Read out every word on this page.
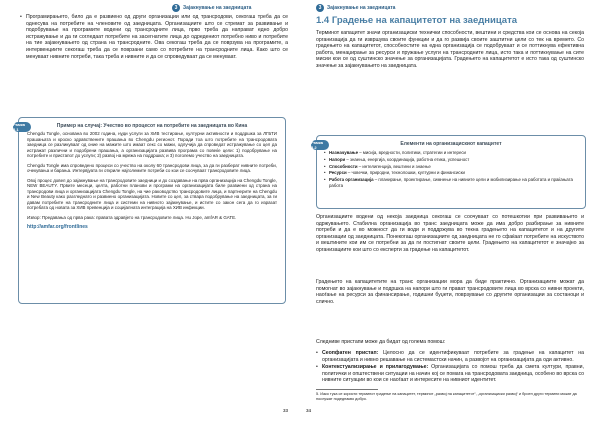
3	Зајакнување на заедницата
• Програмирањето, било да е развиено од други организации или од трансродови, секогаш треба да се однесува на потребите на членовите од заедницата. Организациите што се стремат за развивање и подобрување на програмите водени од трансродните лица, прво треба да направат едно добро истражување и да ги согледаат потребите на засегнатите лица до одредениот потребно ниво и потребите на тие зајакнувањето од страна на трансродните. Ова секогаш треба да се поврзува на програмите, а интервенциите секогаш треба да се поврзани само со потребите на трансродните лица. Како што се менуваат нивните потреби, така треба и нивните и да се спроведуваат да се менуваат.
Рамка 3.1
Пример на случај: Учество во процесот на потребите на заедницата во Кина

Chengdu Tongle, основана во 2002 година, нуди услуги за ХИВ тестирање, културни активности и поддршка за ЛГБТИ прашањата и кроско здравствените прашања во Chengdu регионот. Поради тоа што потребите на трансродовата заедница се разликуваат од оние на мажите што имаат секс со мажи, одлучија да спроведат истражување со цел да истражат различни и подобрени прашања, а организацијата развива програма со повеќе цели: 1) подобрување на потребите и пристапот до услуги; 2) развој на мрежа на поддршка; и 3) поголемо учество на заедницата.

Chengdu Tongle има спроведено процеси со учество на околу 60 трансродови лица, за да ги разберат нивните потреби, очекувања и барања. Интервјуата ги откриле најголемите потреби со кои се соочуваат трансродовите лица.

Овој процес довел до зајакнување на трансродовите заедници и до создавање на прва организација на Chengdu Tongle, NEW BEAUTY. Првите месеци, целта, работни планови и програми на организацијата биле развиени од страна на трансродови лица и организацијата Chengdu Tongle, на чие раководство трансродовите лица, и партнерите на Chengdu и New Beauty како разгледнато и развиено организацијата. Новите со цел, за ствара подобрување на заедницата, за ги давам потребите на трансродните лица и системи на нивното зајакнување, и истите со закон сега да го изразат потребата од новата за ХИВ превенција и социјалната интеграција на ХИВ инфекции.

Извор: Предавања од прва рака: правата здравјето на трансродовите лица. Hu Jope, amfAR & GATE.

http://amfar.org/frontlines
33
3	Зајакнување на заедницата
1.4 Градење на капацитетот на заедницата

Терминот капацитет значи организациски технички способности, вештини и средства кои се основа на секоја организација да ги извршува своите функции и да го развија своите заштитни цели со тек на времето. Со градењето на капацитетот, способностите на една организација се подобруваат и се поттикнува ефективна работа, менаџирање за ресурси и пружање услуги на трансродните лица, исто така и поттикнување на сите мисии кои се од суштинско значење за организацијата. Градењето на капацитетот е исто така од суштинско значење за зајакнувањето на заедницата.

Рамка 3.2
Елементи на организацискиот капацитет
• Назначување – мисија, вредности, политики, стратегии и интереси
• Напори – знаења, енергија, координација, работна етика, успешност
• Способности – интелигенција, вештини и знаење
• Ресурси – човечки, природни, технолошки, културни и финансиски
• Работа организација – планирање, проектирање, симнење на нивните цели и мобилизирање на работата и праќањата работа

Организациите водени од некоја заедница секогаш се соочуваат со потешкотии при развивањето и одржувањето. Стабилна организација во транс заедницата може да има добро разбирање за нивните потреби и да е во можност да ги води и поддржува во текна градењето на капацитетот и на другите организации од заедницата. Понекогаш организациите од заедницата не го сфаќаат потребите на искуството и вештините кои им се потребни за да ги постигнат своите цели. Градењето на капацитетот е значајно за организациите кои што со експерти за градење на капацитетот.

Градењето на капацитетите на транс организации мора да биде практично. Организациите можат да помогнат во зајакнување и подршка на напори што ги прават трансродовите лица во врска со нивни проекти, наоѓање на ресурси за финансирање, годишни буџети, поврзување со другите организации за состаноци и слично.

Следниве пристапи може да бидат од голема помош:

• Сеопфатен пристап: Целосно да се идентификуваат потребите за градење на капацитет на организацијата и нивно решавање на системастски начин, а развојот на организацијата да оди активно.
• Контекстуализирање и прилагодување: Организацијата со помош треба да смета култури, правни, политички и општествени ситуации на начин кој се помага на трансродовата заедница, особено во врска со нивните ситуации во кои се наоѓаат и интересите на нивниот идентитет.

5. Иако тука се користи терминот градење на капацитет, терминот „развој на капацитетот“, „организациски развој“ и броен други термини можат да послужат подеднакво добро.

34
